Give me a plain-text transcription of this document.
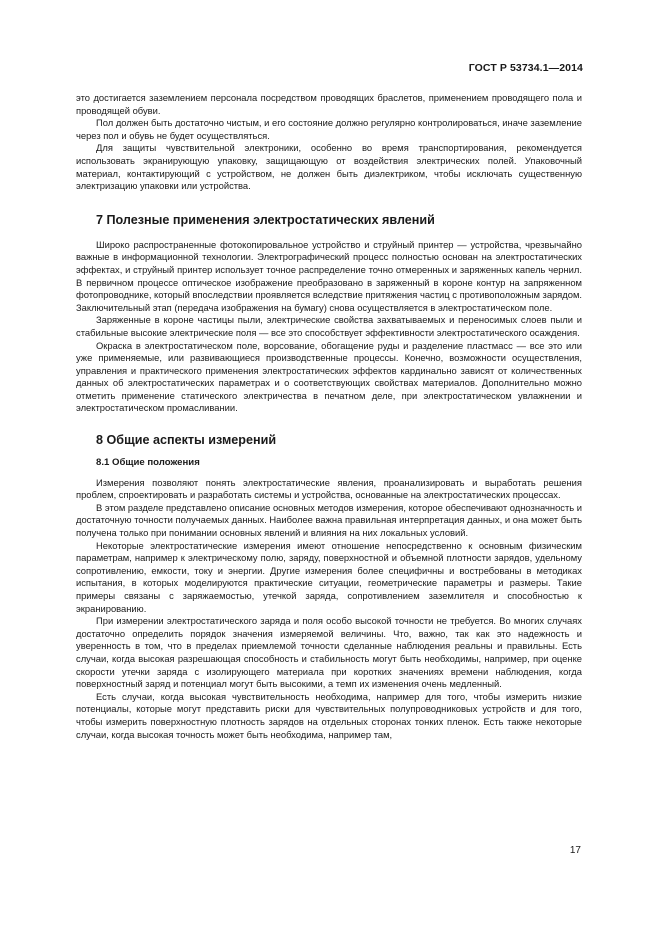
ГОСТ Р 53734.1—2014

это достигается заземлением персонала посредством проводящих браслетов, применением проводящего пола и проводящей обуви.

Пол должен быть достаточно чистым, и его состояние должно регулярно контролироваться, иначе заземление через пол и обувь не будет осуществляться.

Для защиты чувствительной электроники, особенно во время транспортирования, рекомендуется использовать экранирующую упаковку, защищающую от воздействия электрических полей. Упаковочный материал, контактирующий с устройством, не должен быть диэлектриком, чтобы исключать существенную электризацию упаковки или устройства.

7 Полезные применения электростатических явлений

Широко распространенные фотокопировальное устройство и струйный принтер — устройства, чрезвычайно важные в информационной технологии. Электрографический процесс полностью основан на электростатических эффектах, и струйный принтер использует точное распределение точно отмеренных и заряженных капель чернил. В первичном процессе оптическое изображение преобразовано в заряженный в короне контур на запряженном фотопроводнике, который впоследствии проявляется вследствие притяжения частиц с противоположным зарядом. Заключительный этап (передача изображения на бумагу) снова осуществляется в электростатическом поле.

Заряженные в короне частицы пыли, электрические свойства захватываемых и переносимых слоев пыли и стабильные высокие электрические поля — все это способствует эффективности электростатического осаждения.

Окраска в электростатическом поле, ворсование, обогащение руды и разделение пластмасс — все это или уже применяемые, или развивающиеся производственные процессы. Конечно, возможности осуществления, управления и практического применения электростатических эффектов кардинально зависят от количественных данных об электростатических параметрах и о соответствующих свойствах материалов. Дополнительно можно отметить применение статического электричества в печатном деле, при электростатическом увлажнении и электростатическом промасливании.

8 Общие аспекты измерений
8.1 Общие положения

Измерения позволяют понять электростатические явления, проанализировать и выработать решения проблем, спроектировать и разработать системы и устройства, основанные на электростатических процессах.

В этом разделе представлено описание основных методов измерения, которое обеспечивают однозначность и достаточную точности получаемых данных. Наиболее важна правильная интерпретация данных, и она может быть получена только при понимании основных явлений и влияния на них локальных условий.

Некоторые электростатические измерения имеют отношение непосредственно к основным физическим параметрам, например к электрическому полю, заряду, поверхностной и объемной плотности зарядов, удельному сопротивлению, емкости, току и энергии. Другие измерения более специфичны и востребованы в методиках испытания, в которых моделируются практические ситуации, геометрические параметры и размеры. Такие примеры связаны с заряжаемостью, утечкой заряда, сопротивлением заземлителя и способностью к экранированию.

При измерении электростатического заряда и поля особо высокой точности не требуется. Во многих случаях достаточно определить порядок значения измеряемой величины. Что, важно, так как это надежность и уверенность в том, что в пределах приемлемой точности сделанные наблюдения реальны и правильны. Есть случаи, когда высокая разрешающая способность и стабильность могут быть необходимы, например, при оценке скорости утечки заряда с изолирующего материала при коротких значениях времени наблюдения, когда поверхностный заряд и потенциал могут быть высокими, а темп их изменения очень медленный.

Есть случаи, когда высокая чувствительность необходима, например для того, чтобы измерить низкие потенциалы, которые могут представить риски для чувствительных полупроводниковых устройств и для того, чтобы измерить поверхностную плотность зарядов на отдельных сторонах тонких пленок. Есть также некоторые случаи, когда высокая точность может быть необходима, например там,

17
